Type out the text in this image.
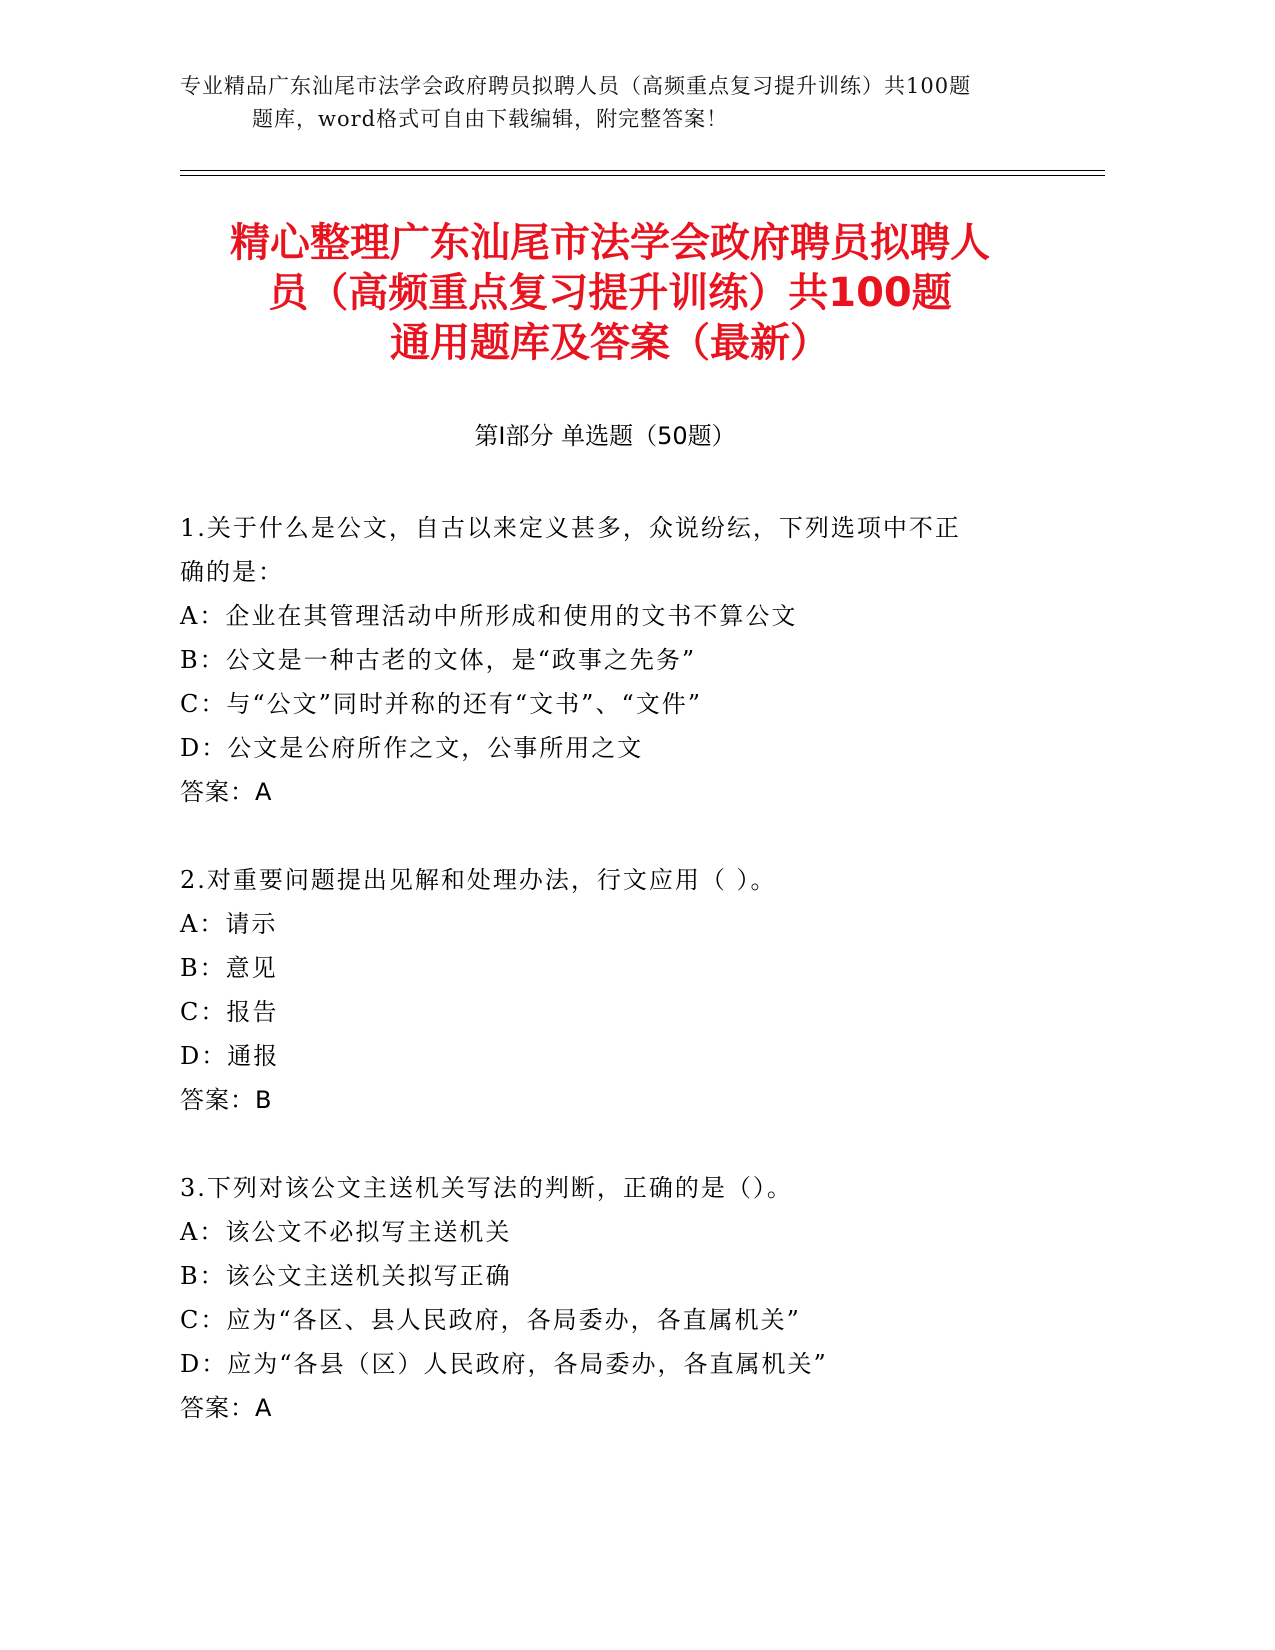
专业精品广东汕尾市法学会政府聘员拟聘人员（高频重点复习提升训练）共100题
题库，word格式可自由下载编辑，附完整答案！
精心整理广东汕尾市法学会政府聘员拟聘人
员（高频重点复习提升训练）共100题
通用题库及答案（最新）
第Ⅰ部分 单选题（50题）
1.关于什么是公文，自古以来定义甚多，众说纷纭，下列选项中不正
确的是：
A：企业在其管理活动中所形成和使用的文书不算公文
B：公文是一种古老的文体，是“政事之先务”
C：与“公文”同时并称的还有“文书”、“文件”
D：公文是公府所作之文，公事所用之文
答案：A
2.对重要问题提出见解和处理办法，行文应用（ ）。
A：请示
B：意见
C：报告
D：通报
答案：B
3.下列对该公文主送机关写法的判断，正确的是（）。
A：该公文不必拟写主送机关
B：该公文主送机关拟写正确
C：应为“各区、县人民政府，各局委办，各直属机关”
D：应为“各县（区）人民政府，各局委办，各直属机关”
答案：A
